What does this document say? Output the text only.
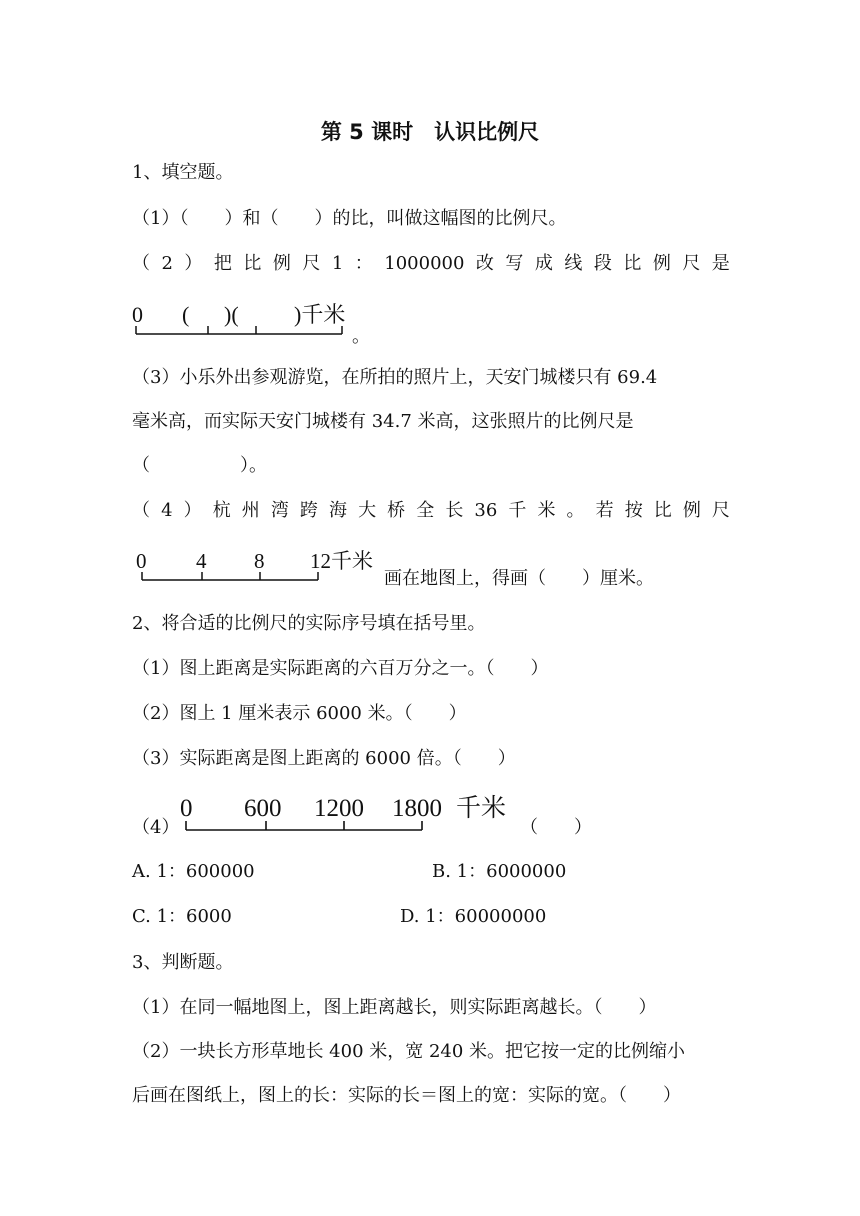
第 5 课时　认识比例尺
1、填空题。
（1）（　　）和（　　）的比，叫做这幅图的比例尺。
（ 2 ） 把 比 例 尺 1 ： 1000000 改 写 成 线 段 比 例 尺 是
0 ( )(	)千米
。
（3）小乐外出参观游览，在所拍的照片上，天安门城楼只有 69.4
毫米高，而实际天安门城楼有 34.7 米高，这张照片的比例尺是
（　　　　　）。
（ 4 ） 杭 州 湾 跨 海 大 桥 全 长 36 千 米 。 若 按 比 例 尺
0 4 8 12千米
画在地图上，得画（　　）厘米。
2、将合适的比例尺的实际序号填在括号里。
（1）图上距离是实际距离的六百万分之一。（　　）
（2）图上 1 厘米表示 6000 米。（　　）
（3）实际距离是图上距离的 6000 倍。（　　）
（4）
0 600 1200 1800 千米
（　　）
A. 1：600000	B. 1：6000000
C. 1：6000	D. 1：60000000
3、判断题。
（1）在同一幅地图上，图上距离越长，则实际距离越长。（　　）
（2）一块长方形草地长 400 米，宽 240 米。把它按一定的比例缩小
后画在图纸上，图上的长：实际的长＝图上的宽：实际的宽。（　　）
